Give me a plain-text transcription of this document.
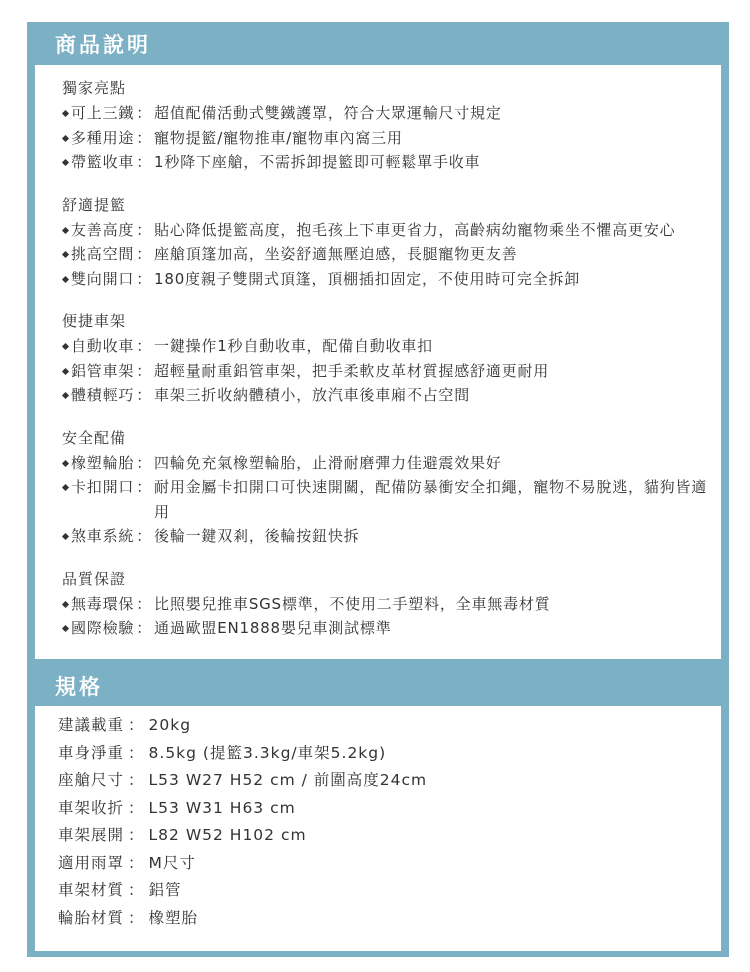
商品說明
獨家亮點
可上三鐵 ： 超值配備活動式雙鐵護罩，符合大眾運輸尺寸規定
多種用途 ： 寵物提籃/寵物推車/寵物車內窩三用
帶籃收車 ： 1秒降下座艙，不需拆卸提籃即可輕鬆單手收車
舒適提籃
友善高度 ： 貼心降低提籃高度，抱毛孩上下車更省力，高齡病幼寵物乘坐不懼高更安心
挑高空間 ： 座艙頂篷加高，坐姿舒適無壓迫感，長腿寵物更友善
雙向開口 ： 180度親子雙開式頂篷，頂棚插扣固定，不使用時可完全拆卸
便捷車架
自動收車 ： 一鍵操作1秒自動收車，配備自動收車扣
鋁管車架 ： 超輕量耐重鋁管車架，把手柔軟皮革材質握感舒適更耐用
體積輕巧 ： 車架三折收納體積小，放汽車後車廂不占空間
安全配備
橡塑輪胎 ： 四輪免充氣橡塑輪胎，止滑耐磨彈力佳避震效果好
卡扣開口 ： 耐用金屬卡扣開口可快速開關，配備防暴衝安全扣繩，寵物不易脫逃，貓狗皆適用
煞車系統 ： 後輪一鍵双剎，後輪按鈕快拆
品質保證
無毒環保 ： 比照嬰兒推車SGS標準，不使用二手塑料，全車無毒材質
國際檢驗 ： 通過歐盟EN1888嬰兒車測試標準
規格
建議載重 ： 20kg
車身淨重 ： 8.5kg (提籃3.3kg/車架5.2kg)
座艙尺寸 ： L53 W27 H52 cm / 前圍高度24cm
車架收折 ： L53 W31 H63 cm
車架展開 ： L82 W52 H102 cm
適用雨罩 ： M尺寸
車架材質 ： 鋁管
輪胎材質 ： 橡塑胎
